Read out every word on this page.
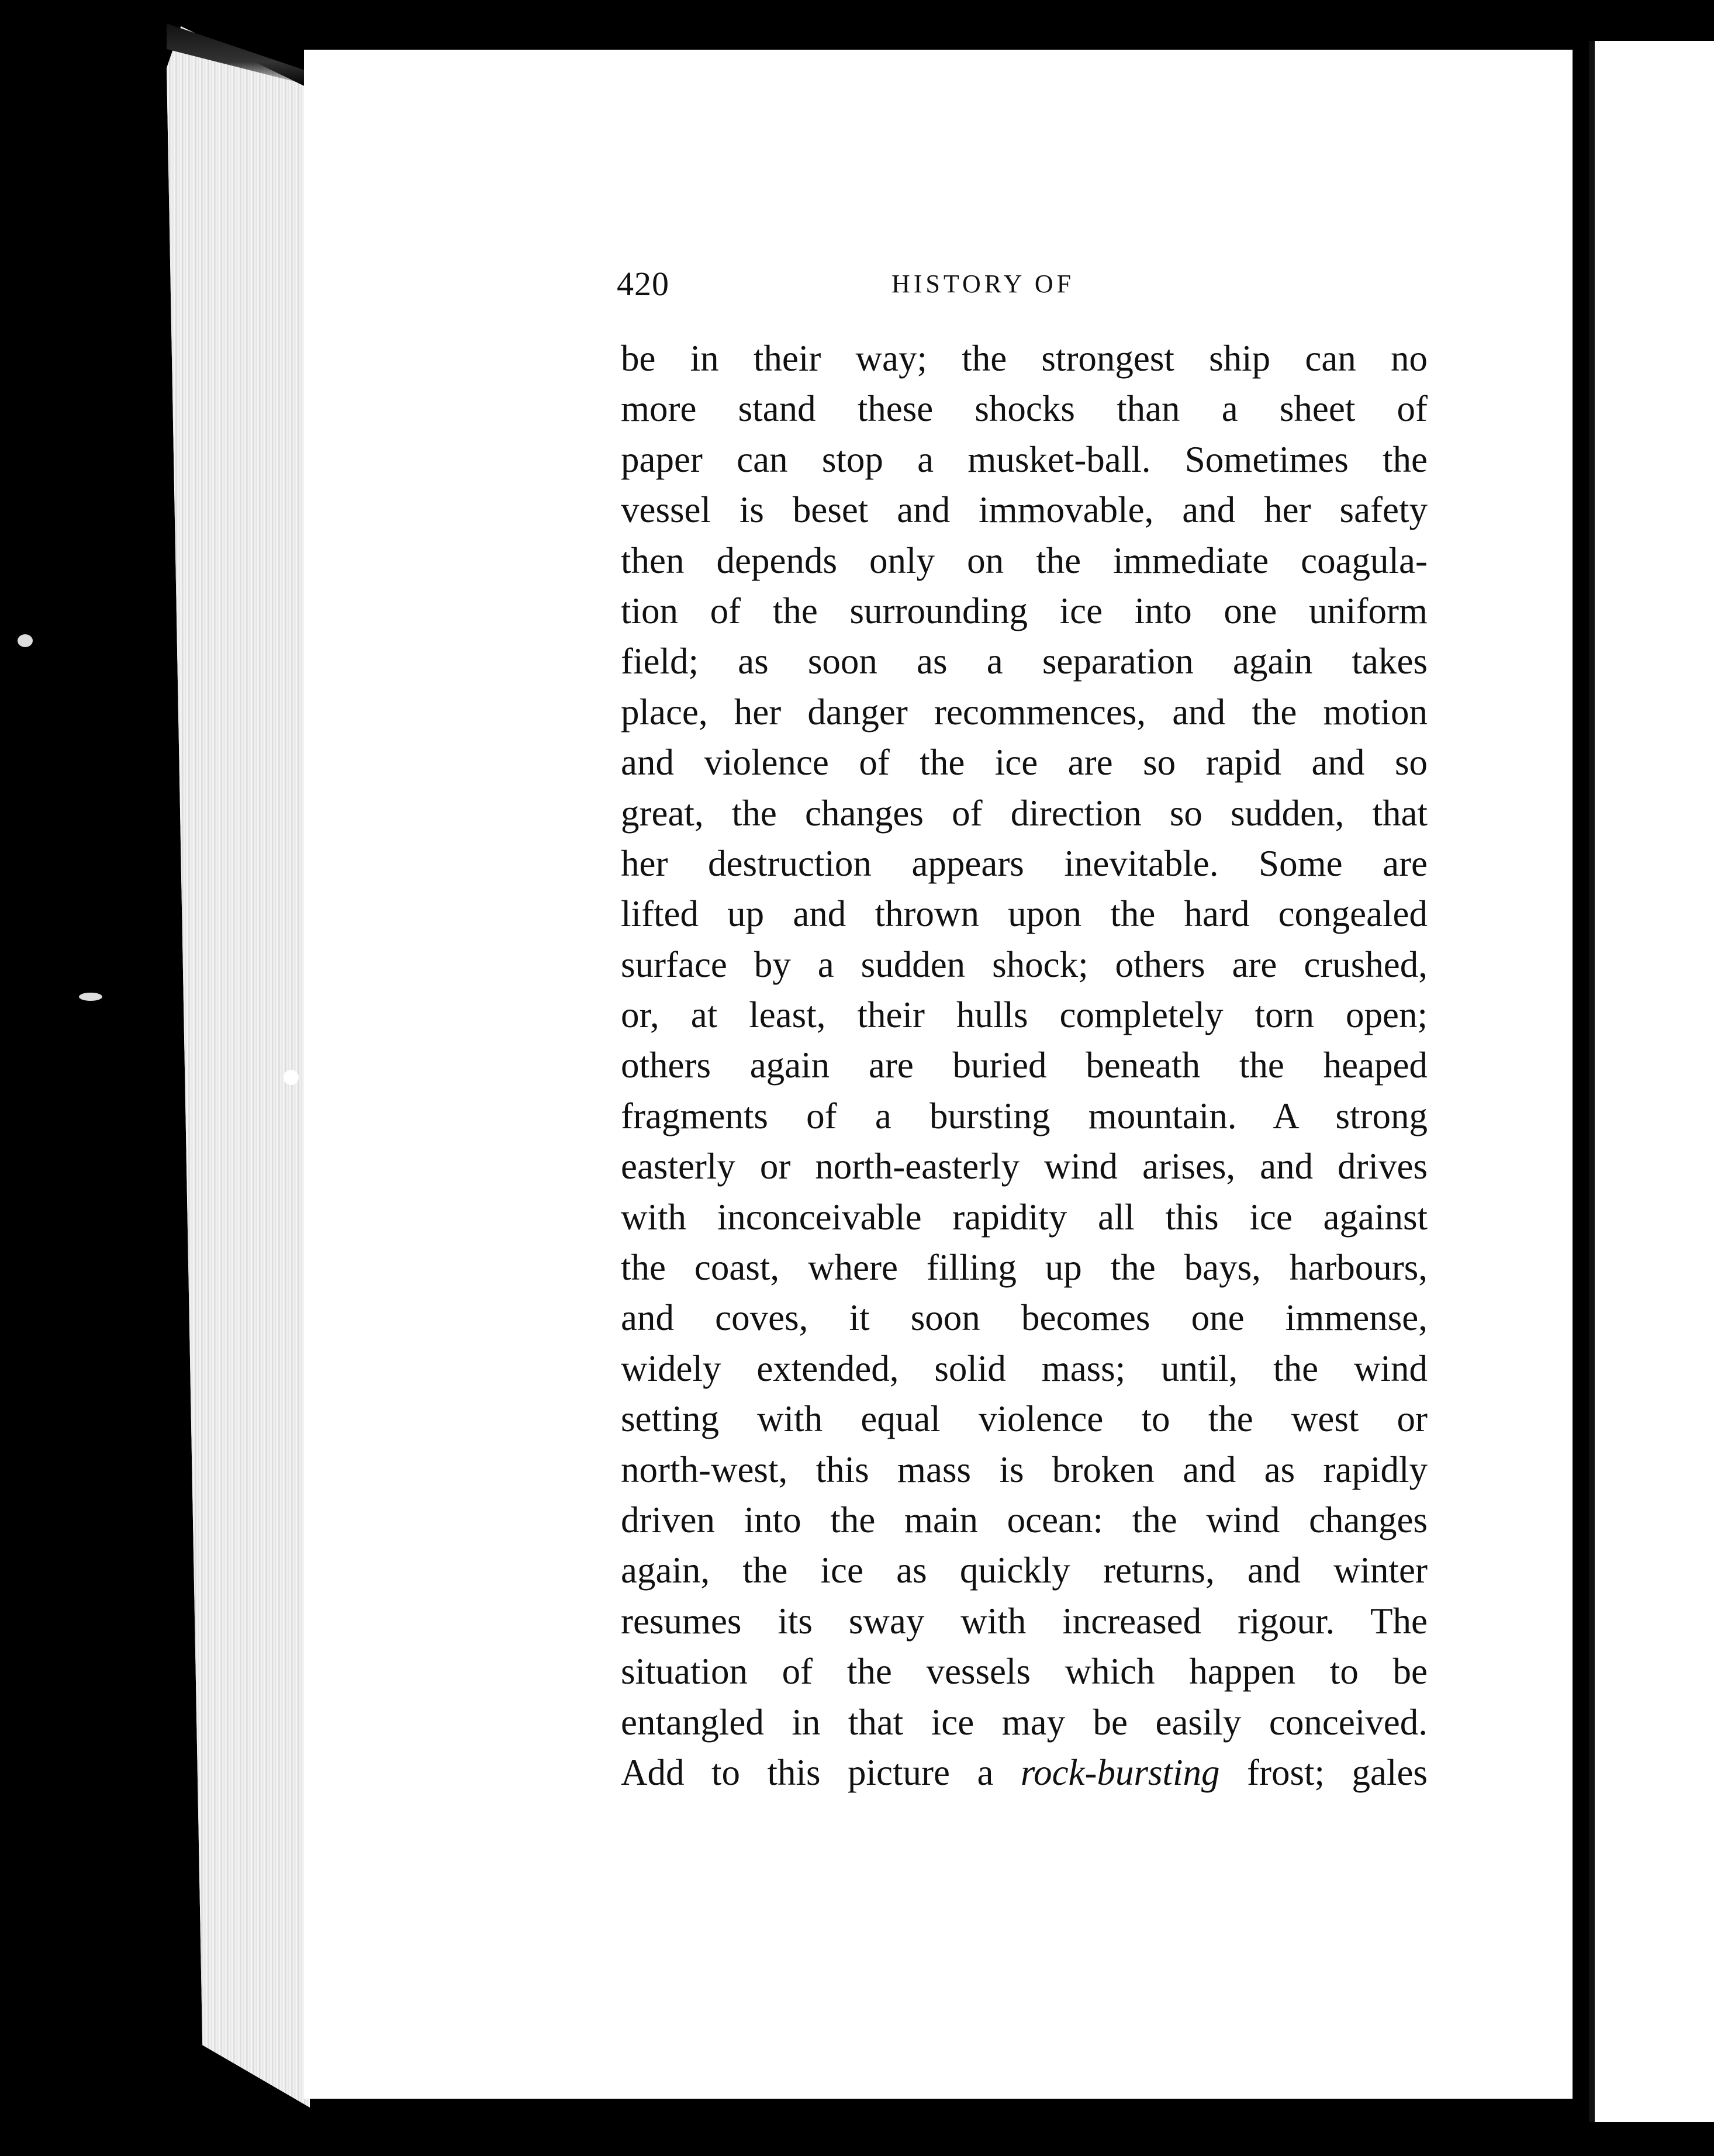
420	HISTORY OF
be in their way; the strongest ship can no
more stand these shocks than a sheet of
paper can stop a musket-ball. Sometimes the
vessel is beset and immovable, and her safety
then depends only on the immediate coagula-
tion of the surrounding ice into one uniform
field; as soon as a separation again takes
place, her danger recommences, and the motion
and violence of the ice are so rapid and so
great, the changes of direction so sudden, that
her destruction appears inevitable. Some are
lifted up and thrown upon the hard congealed
surface by a sudden shock; others are crushed,
or, at least, their hulls completely torn open;
others again are buried beneath the heaped
fragments of a bursting mountain. A strong
easterly or north-easterly wind arises, and drives
with inconceivable rapidity all this ice against
the coast, where filling up the bays, harbours,
and coves, it soon becomes one immense,
widely extended, solid mass; until, the wind
setting with equal violence to the west or
north-west, this mass is broken and as rapidly
driven into the main ocean: the wind changes
again, the ice as quickly returns, and winter
resumes its sway with increased rigour. The
situation of the vessels which happen to be
entangled in that ice may be easily conceived.
Add to this picture a rock-bursting frost; gales
